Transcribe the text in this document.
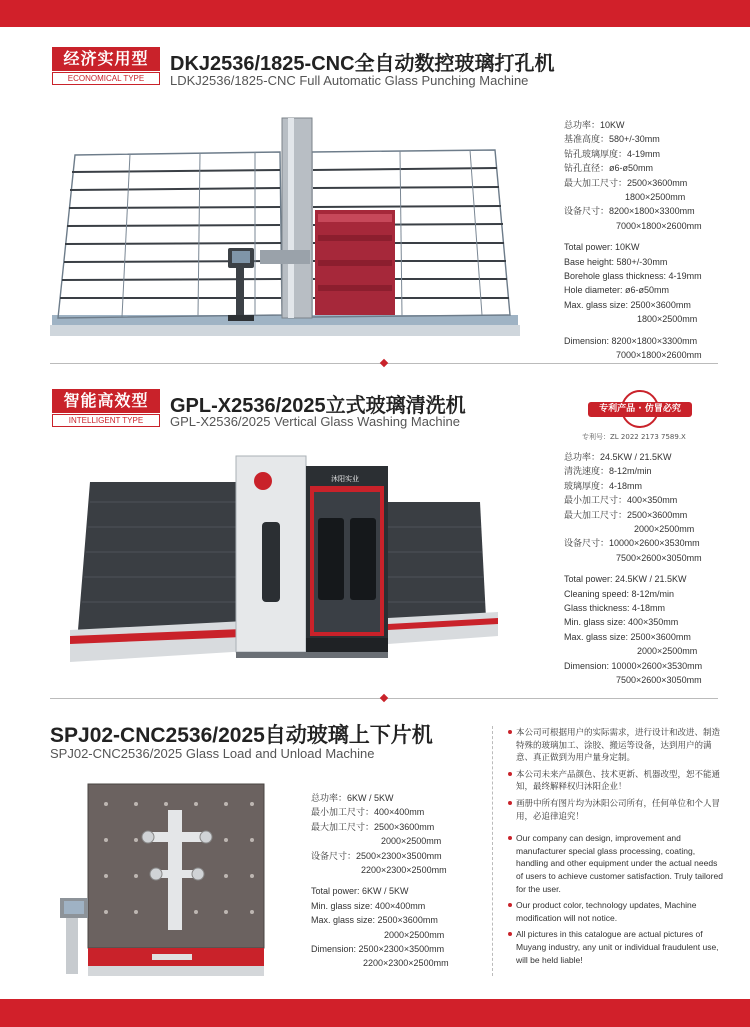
经济实用型
ECONOMICAL TYPE
DKJ2536/1825-CNC全自动数控玻璃打孔机
LDKJ2536/1825-CNC Full Automatic Glass Punching Machine
总功率：10KW
基准高度：580+/-30mm
钻孔玻璃厚度：4-19mm
钻孔直径：ø6-ø50mm
最大加工尺寸：2500×3600mm
1800×2500mm
设备尺寸：8200×1800×3300mm
7000×1800×2600mm
Total power: 10KW
Base height: 580+/-30mm
Borehole glass thickness: 4-19mm
Hole diameter: ø6-ø50mm
Max. glass size: 2500×3600mm
1800×2500mm
Dimension: 8200×1800×3300mm
7000×1800×2600mm
智能高效型
INTELLIGENT TYPE
GPL-X2536/2025立式玻璃清洗机
GPL-X2536/2025 Vertical Glass Washing Machine
专利产品 · 仿冒必究
专利号：ZL 2022 2173 7589.X
沐阳实业
总功率：24.5KW / 21.5KW
清洗速度：8-12m/min
玻璃厚度：4-18mm
最小加工尺寸：400×350mm
最大加工尺寸：2500×3600mm
2000×2500mm
设备尺寸：10000×2600×3530mm
7500×2600×3050mm
Total power: 24.5KW / 21.5KW
Cleaning speed: 8-12m/min
Glass thickness: 4-18mm
Min. glass size: 400×350mm
Max. glass size: 2500×3600mm
2000×2500mm
Dimension: 10000×2600×3530mm
7500×2600×3050mm
SPJ02-CNC2536/2025自动玻璃上下片机
SPJ02-CNC2536/2025 Glass Load and Unload Machine
总功率：6KW / 5KW
最小加工尺寸：400×400mm
最大加工尺寸：2500×3600mm
2000×2500mm
设备尺寸：2500×2300×3500mm
2200×2300×2500mm
Total power: 6KW / 5KW
Min. glass size: 400×400mm
Max. glass size: 2500×3600mm
2000×2500mm
Dimension: 2500×2300×3500mm
2200×2300×2500mm
本公司可根据用户的实际需求，进行设计和改进、制造特殊的玻璃加工、涂胶、搬运等设备，达到用户的满意、真正做到为用户量身定制。
本公司未来产品颜色、技术更新、机器改型，恕不能通知，最终解释权归沐阳企业！
画册中所有图片均为沐阳公司所有，任何单位和个人冒用，必追律追究！
Our company can design, improvement and manufacturer special glass processing, coating, handling and other equipment under the actual needs of users to achieve customer satisfaction. Truly tailored for the user.
Our product color, technology updates, Machine modification will not notice.
All pictures in this catalogue are actual pictures of Muyang industry, any unit or individual fraudulent use, will be held liable!
